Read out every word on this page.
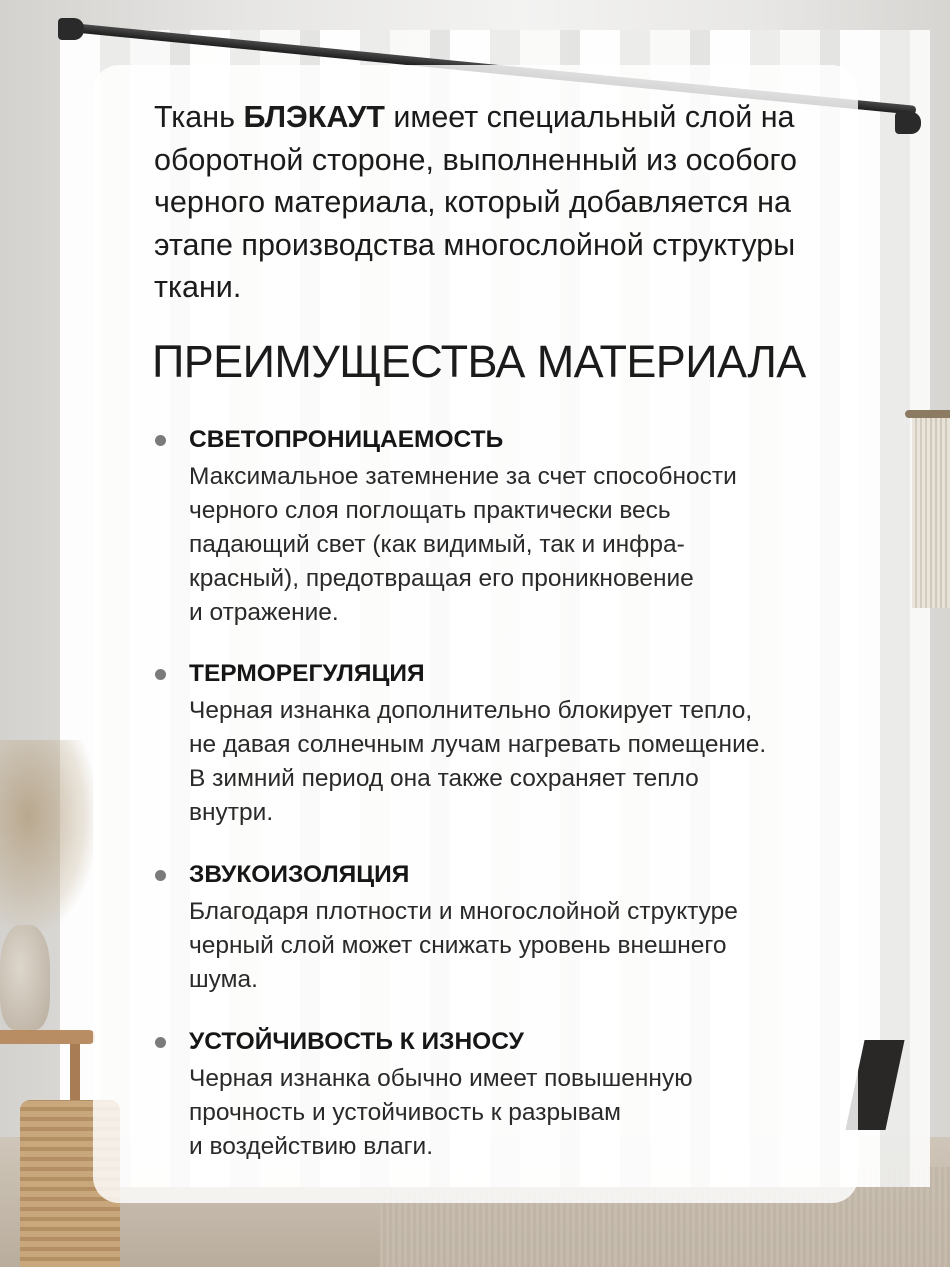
Ткань БЛЭКАУТ имеет специальный слой на оборотной стороне, выполненный из особого черного материала, который добавляется на этапе производства многослойной структуры ткани.

ПРЕИМУЩЕСТВА МАТЕРИАЛА
СВЕТОПРОНИЦАЕМОСТЬ

Максимальное затемнение за счет способности
черного слоя поглощать практически весь
падающий свет (как видимый, так и инфра-
красный), предотвращая его проникновение
и отражение.

ТЕРМОРЕГУЛЯЦИЯ

Черная изнанка дополнительно блокирует тепло,
не давая солнечным лучам нагревать помещение.
В зимний период она также сохраняет тепло
внутри.

ЗВУКОИЗОЛЯЦИЯ

Благодаря плотности и многослойной структуре
черный слой может снижать уровень внешнего
шума.

УСТОЙЧИВОСТЬ К ИЗНОСУ

Черная изнанка обычно имеет повышенную
прочность и устойчивость к разрывам
и воздействию влаги.
